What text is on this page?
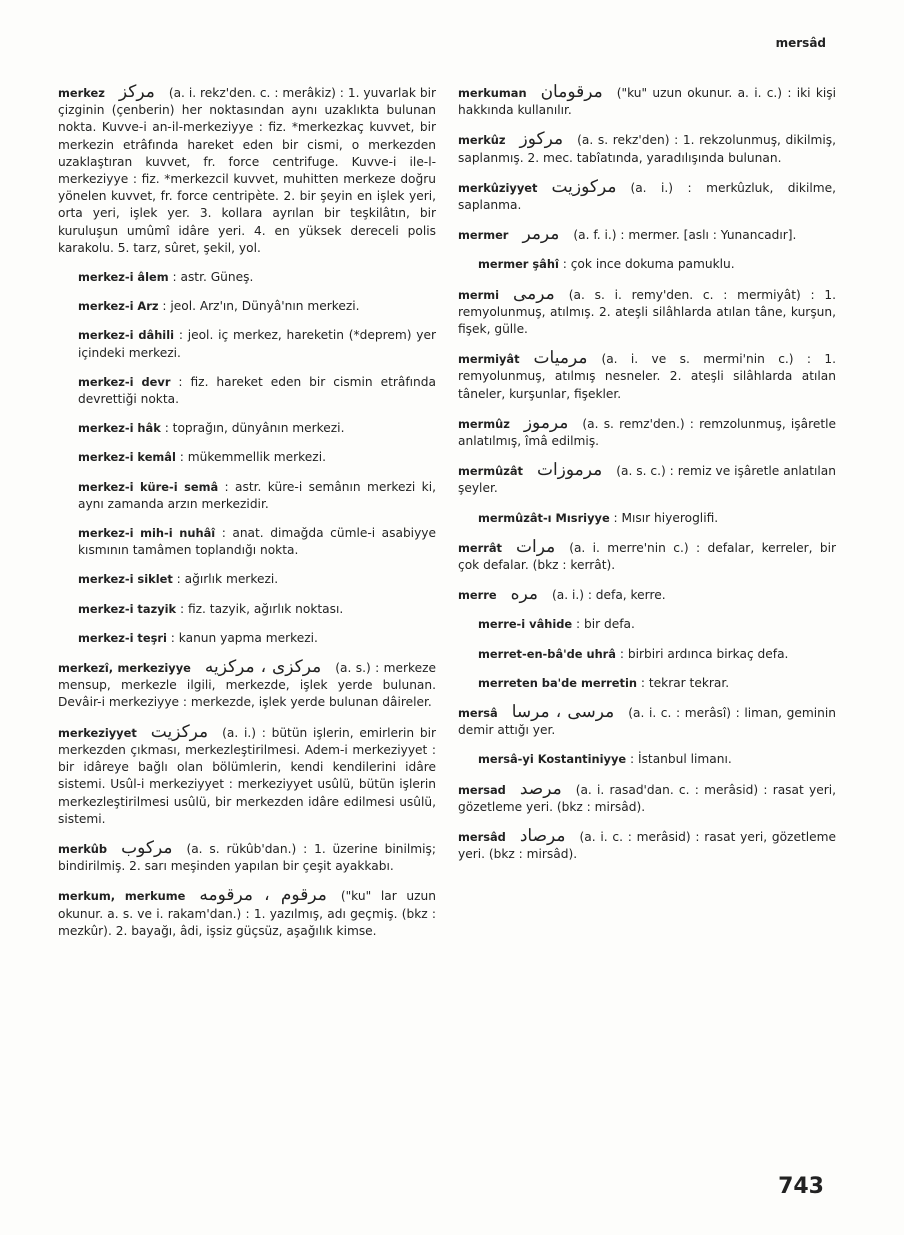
mersâd
merkez مرکز (a. i. rekz'den. c. : merâkiz) : 1. yuvarlak bir çizginin (çenberin) her noktasından aynı uzaklıkta bulunan nokta. Kuvve-i an-il-merkeziyye : fiz. *merkezkaç kuvvet, bir merkezin etrâfında hareket eden bir cismi, o merkezden uzaklaştıran kuvvet, fr. force centrifuge. Kuvve-i ile-l-merkeziyye : fiz. *merkezcil kuvvet, muhitten merkeze doğru yönelen kuvvet, fr. force centripète. 2. bir şeyin en işlek yeri, orta yeri, işlek yer. 3. kollara ayrılan bir teşkilâtın, bir kuruluşun umûmî idâre yeri. 4. en yüksek dereceli polis karakolu. 5. tarz, sûret, şekil, yol.
merkez-i âlem : astr. Güneş.
merkez-i Arz : jeol. Arz'ın, Dünyâ'nın merkezi.
merkez-i dâhili : jeol. iç merkez, hareketin (*deprem) yer içindeki merkezi.
merkez-i devr : fiz. hareket eden bir cismin etrâfında devrettiği nokta.
merkez-i hâk : toprağın, dünyânın merkezi.
merkez-i kemâl : mükemmellik merkezi.
merkez-i küre-i semâ : astr. küre-i semânın merkezi ki, aynı zamanda arzın merkezidir.
merkez-i mih-i nuhâî : anat. dimağda cümle-i asabiyye kısmının tamâmen toplandığı nokta.
merkez-i siklet : ağırlık merkezi.
merkez-i tazyik : fiz. tazyik, ağırlık noktası.
merkez-i teşri : kanun yapma merkezi.
merkezî, merkeziyye مرکزى ، مرکزيه (a. s.) : merkeze mensup, merkezle ilgili, merkezde, işlek yerde bulunan. Devâir-i merkeziyye : merkezde, işlek yerde bulunan dâireler.
merkeziyyet مرکزيت (a. i.) : bütün işlerin, emirlerin bir merkezden çıkması, merkezleştirilmesi. Adem-i merkeziyyet : bir idâreye bağlı olan bölümlerin, kendi kendilerini idâre sistemi. Usûl-i merkeziyyet : merkeziyyet usûlü, bütün işlerin merkezleştirilmesi usûlü, bir merkezden idâre edilmesi usûlü, sistemi.
merkûb مرکوب (a. s. rükûb'dan.) : 1. üzerine binilmiş; bindirilmiş. 2. sarı meşinden yapılan bir çeşit ayakkabı.
merkum, merkume مرقوم ، مرقومه ("ku" lar uzun okunur. a. s. ve i. rakam'dan.) : 1. yazılmış, adı geçmiş. (bkz : mezkûr). 2. bayağı, âdi, işsiz güçsüz, aşağılık kimse.
merkuman مرقومان ("ku" uzun okunur. a. i. c.) : iki kişi hakkında kullanılır.
merkûz مرکوز (a. s. rekz'den) : 1. rekzolunmuş, dikilmiş, saplanmış. 2. mec. tabîatında, yaradılışında bulunan.
merkûziyyet مرکوزيت (a. i.) : merkûzluk, dikilme, saplanma.
mermer مرمر (a. f. i.) : mermer. [aslı : Yunancadır].
mermer şâhî : çok ince dokuma pamuklu.
mermi مرمى (a. s. i. remy'den. c. : mermiyât) : 1. remyolunmuş, atılmış. 2. ateşli silâhlarda atılan tâne, kurşun, fişek, gülle.
mermiyât مرميات (a. i. ve s. mermi'nin c.) : 1. remyolunmuş, atılmış nesneler. 2. ateşli silâhlarda atılan tâneler, kurşunlar, fişekler.
mermûz مرموز (a. s. remz'den.) : remzolunmuş, işâretle anlatılmış, îmâ edilmiş.
mermûzât مرموزات (a. s. c.) : remiz ve işâretle anlatılan şeyler.
mermûzât-ı Mısriyye : Mısır hiyeroglifi.
merrât مرات (a. i. merre'nin c.) : defalar, kerreler, bir çok defalar. (bkz : kerrât).
merre مره (a. i.) : defa, kerre.
merre-i vâhide : bir defa.
merret-en-bâ'de uhrâ : birbiri ardınca birkaç defa.
merreten ba'de merretin : tekrar tekrar.
mersâ مرسى ، مرسا (a. i. c. : merâsî) : liman, geminin demir attığı yer.
mersâ-yi Kostantiniyye : İstanbul limanı.
mersad مرصد (a. i. rasad'dan. c. : merâsid) : rasat yeri, gözetleme yeri. (bkz : mirsâd).
mersâd مرصاد (a. i. c. : merâsid) : rasat yeri, gözetleme yeri. (bkz : mirsâd).
743
